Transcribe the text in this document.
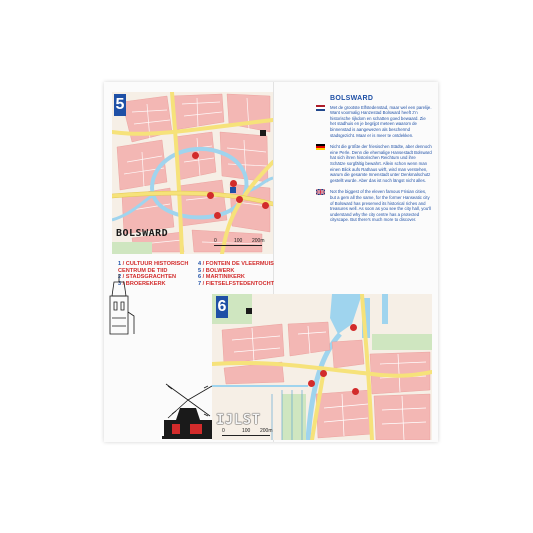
5
BOLSWARD
0	100 200m
1 / CULTUUR HISTORISCH CENTRUM DE TIID
2 / STADSGRACHTEN
3 / BROEREKERK
4 / FONTEIN DE VLEERMUIS
5 / BOLWERK
6 / MARTINIKERK
7 / FIETSELFSTEDENTOCHT
6
IJLST
0	100 200m
BOLSWARD
Met de grootste Elfstedenstad, maar wel een parelije. Want voormalig Hanzestad Bolsward heeft z'n historische rijkdom en schatten goed bewaard. Zie het stadhuis en je begrijpt meteen waarom de binnenstad is aangewezen als beschermd stadsgezicht. Maar er is meer te ontdekken.
Nicht die größte der friesischen Städte, aber dennoch eine Perle. Denn die ehemalige Hansestadt Bolsward hat sich ihren historischen Reichtum und ihre Schätze sorgfältig bewahrt. Allein schon wenn man einen Blick aufs Rathaus wirft, wird man verstehen, warum die gesamte Innenstadt unter Denkmalschutz gestellt wurde. Aber das ist noch längst nicht alles.
Not the biggest of the eleven famous Frisian cities, but a gem all the same, for the former Hanseatic city of Bolsward has preserved its historical riches and treasures well. As soon as you see the city hall, you'll understand why the city centre has a protected cityscape. But there's much more to discover.
